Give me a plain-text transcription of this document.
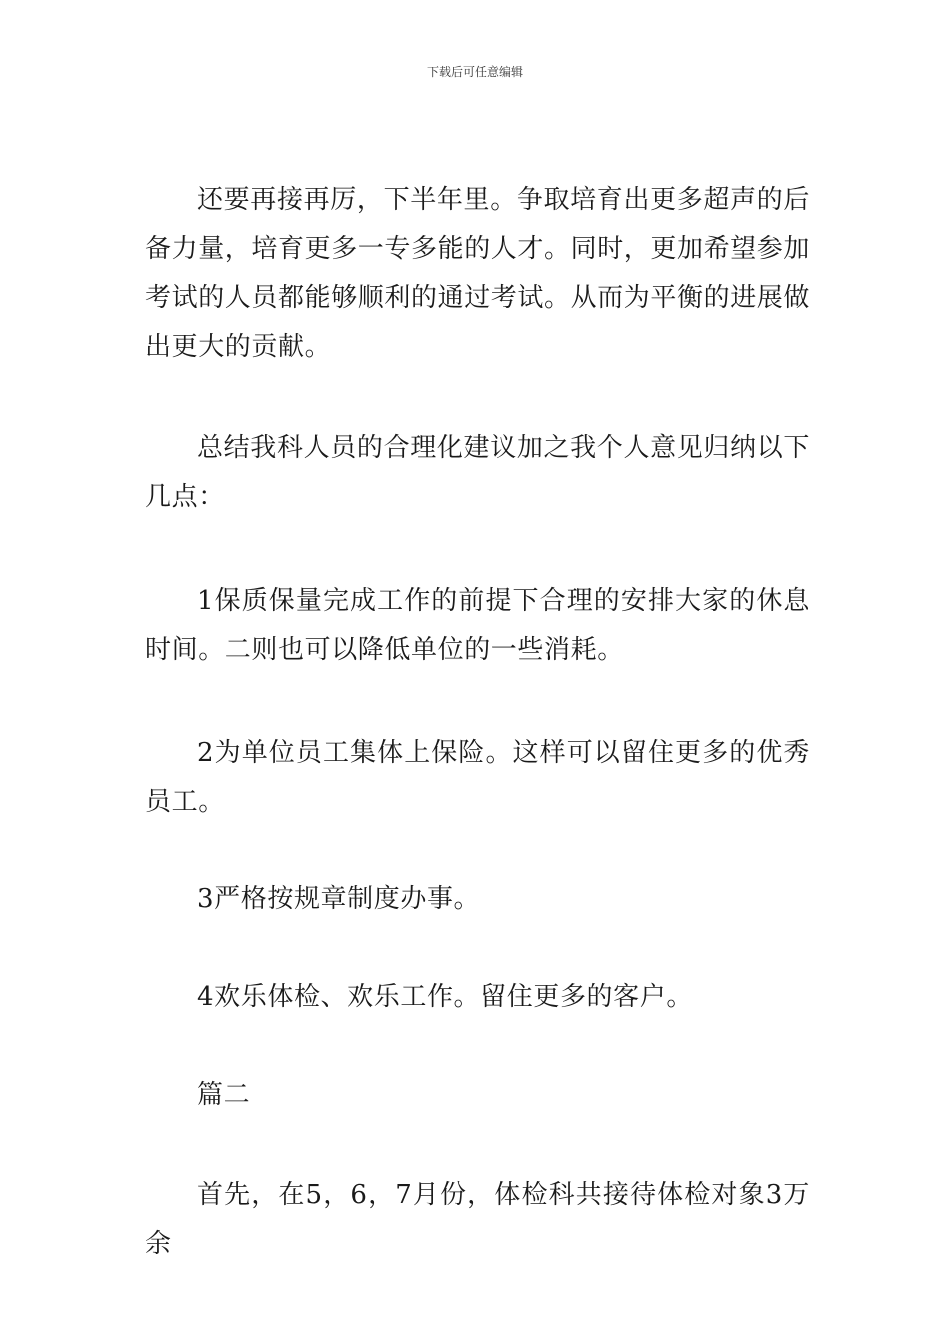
下载后可任意编辑

还要再接再厉，下半年里。争取培育出更多超声的后备力量，培育更多一专多能的人才。同时，更加希望参加考试的人员都能够顺利的通过考试。从而为平衡的进展做出更大的贡献。

总结我科人员的合理化建议加之我个人意见归纳以下几点：

1保质保量完成工作的前提下合理的安排大家的休息时间。二则也可以降低单位的一些消耗。

2为单位员工集体上保险。这样可以留住更多的优秀员工。

3严格按规章制度办事。

4欢乐体检、欢乐工作。留住更多的客户。

篇二

首先，在5，6，7月份，体检科共接待体检对象3万余
